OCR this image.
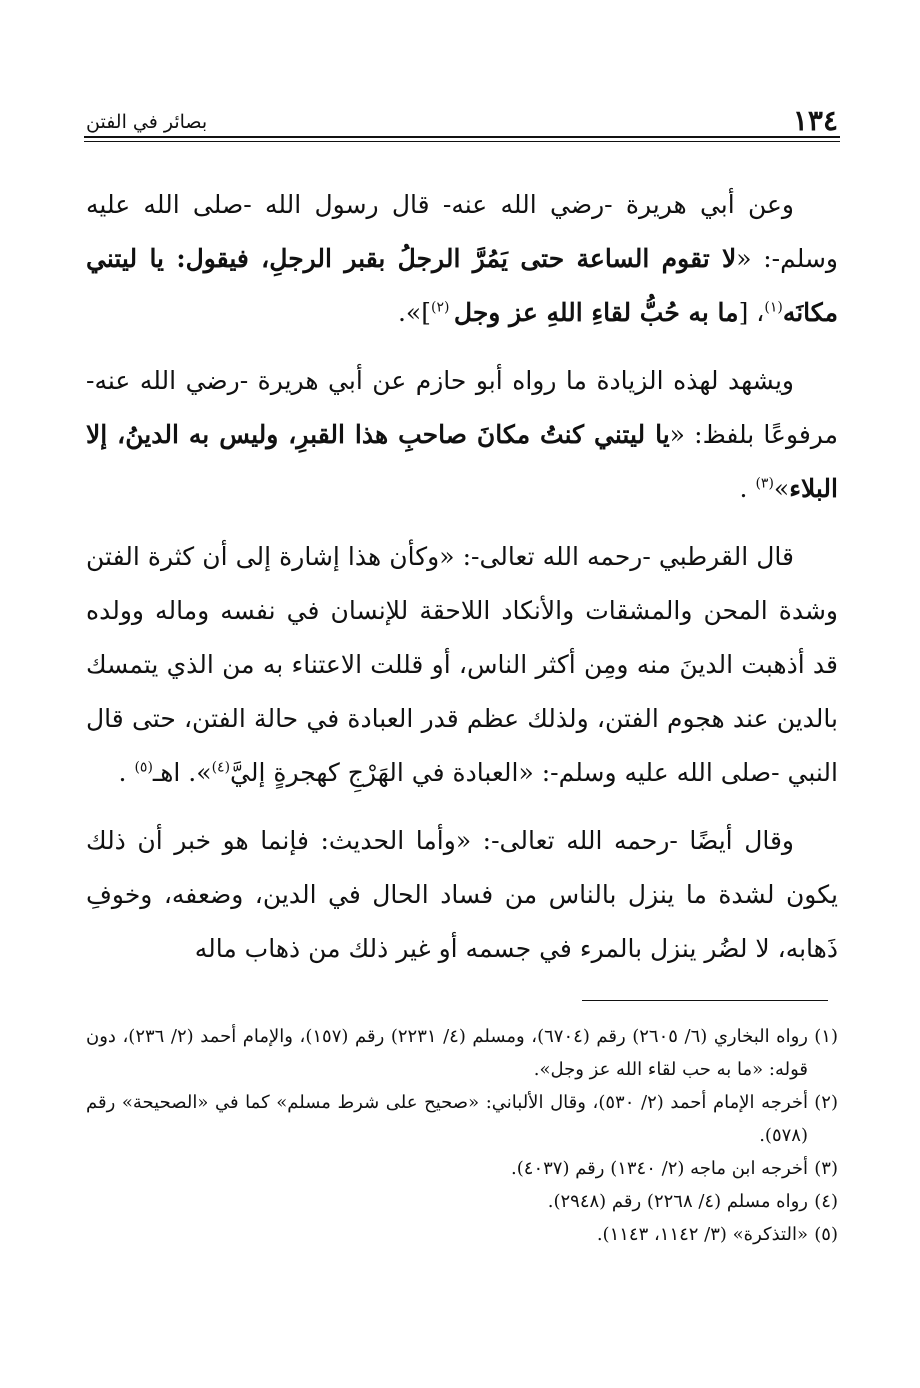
١٣٤
بصائر في الفتن

وعن أبي هريرة -رضي الله عنه- قال رسول الله -صلى الله عليه وسلم-: «لا تقوم الساعة حتى يَمُرَّ الرجلُ بقبر الرجلِ، فيقول: يا ليتني مكانَه$^{(١)}$، [ما به حُبُّ لقاءِ اللهِ عز وجل $^{(٢)}$]».

ويشهد لهذه الزيادة ما رواه أبو حازم عن أبي هريرة -رضي الله عنه- مرفوعًا بلفظ: «يا ليتني كنتُ مكانَ صاحبِ هذا القبرِ، وليس به الدينُ، إلا البلاء»$^{(٣)}$ .

قال القرطبي -رحمه الله تعالى-: «وكأن هذا إشارة إلى أن كثرة الفتن وشدة المحن والمشقات والأنكاد اللاحقة للإنسان في نفسه وماله وولده قد أذهبت الدينَ منه ومِن أكثر الناس، أو قللت الاعتناء به من الذي يتمسك بالدين عند هجوم الفتن، ولذلك عظم قدر العبادة في حالة الفتن، حتى قال النبي -صلى الله عليه وسلم-: «العبادة في الهَرْجِ كهجرةٍ إليَّ$^{(٤)}$». اهـ$^{(٥)}$ .

وقال أيضًا -رحمه الله تعالى-: «وأما الحديث: فإنما هو خبر أن ذلك يكون لشدة ما ينزل بالناس من فساد الحال في الدين، وضعفه، وخوفِ ذَهابه، لا لضُر ينزل بالمرء في جسمه أو غير ذلك من ذهاب ماله

(١)
رواه البخاري (٦/ ٢٦٠٥) رقم (٦٧٠٤)، ومسلم (٤/ ٢٢٣١) رقم (١٥٧)، والإمام أحمد (٢/ ٢٣٦)، دون قوله: «ما به حب لقاء الله عز وجل».
(٢)
أخرجه الإمام أحمد (٢/ ٥٣٠)، وقال الألباني: «صحيح على شرط مسلم» كما في «الصحيحة» رقم (٥٧٨).
(٣)
أخرجه ابن ماجه (٢/ ١٣٤٠) رقم (٤٠٣٧).
(٤)
رواه مسلم (٤/ ٢٢٦٨) رقم (٢٩٤٨).
(٥)
«التذكرة» (٣/ ١١٤٢، ١١٤٣).
